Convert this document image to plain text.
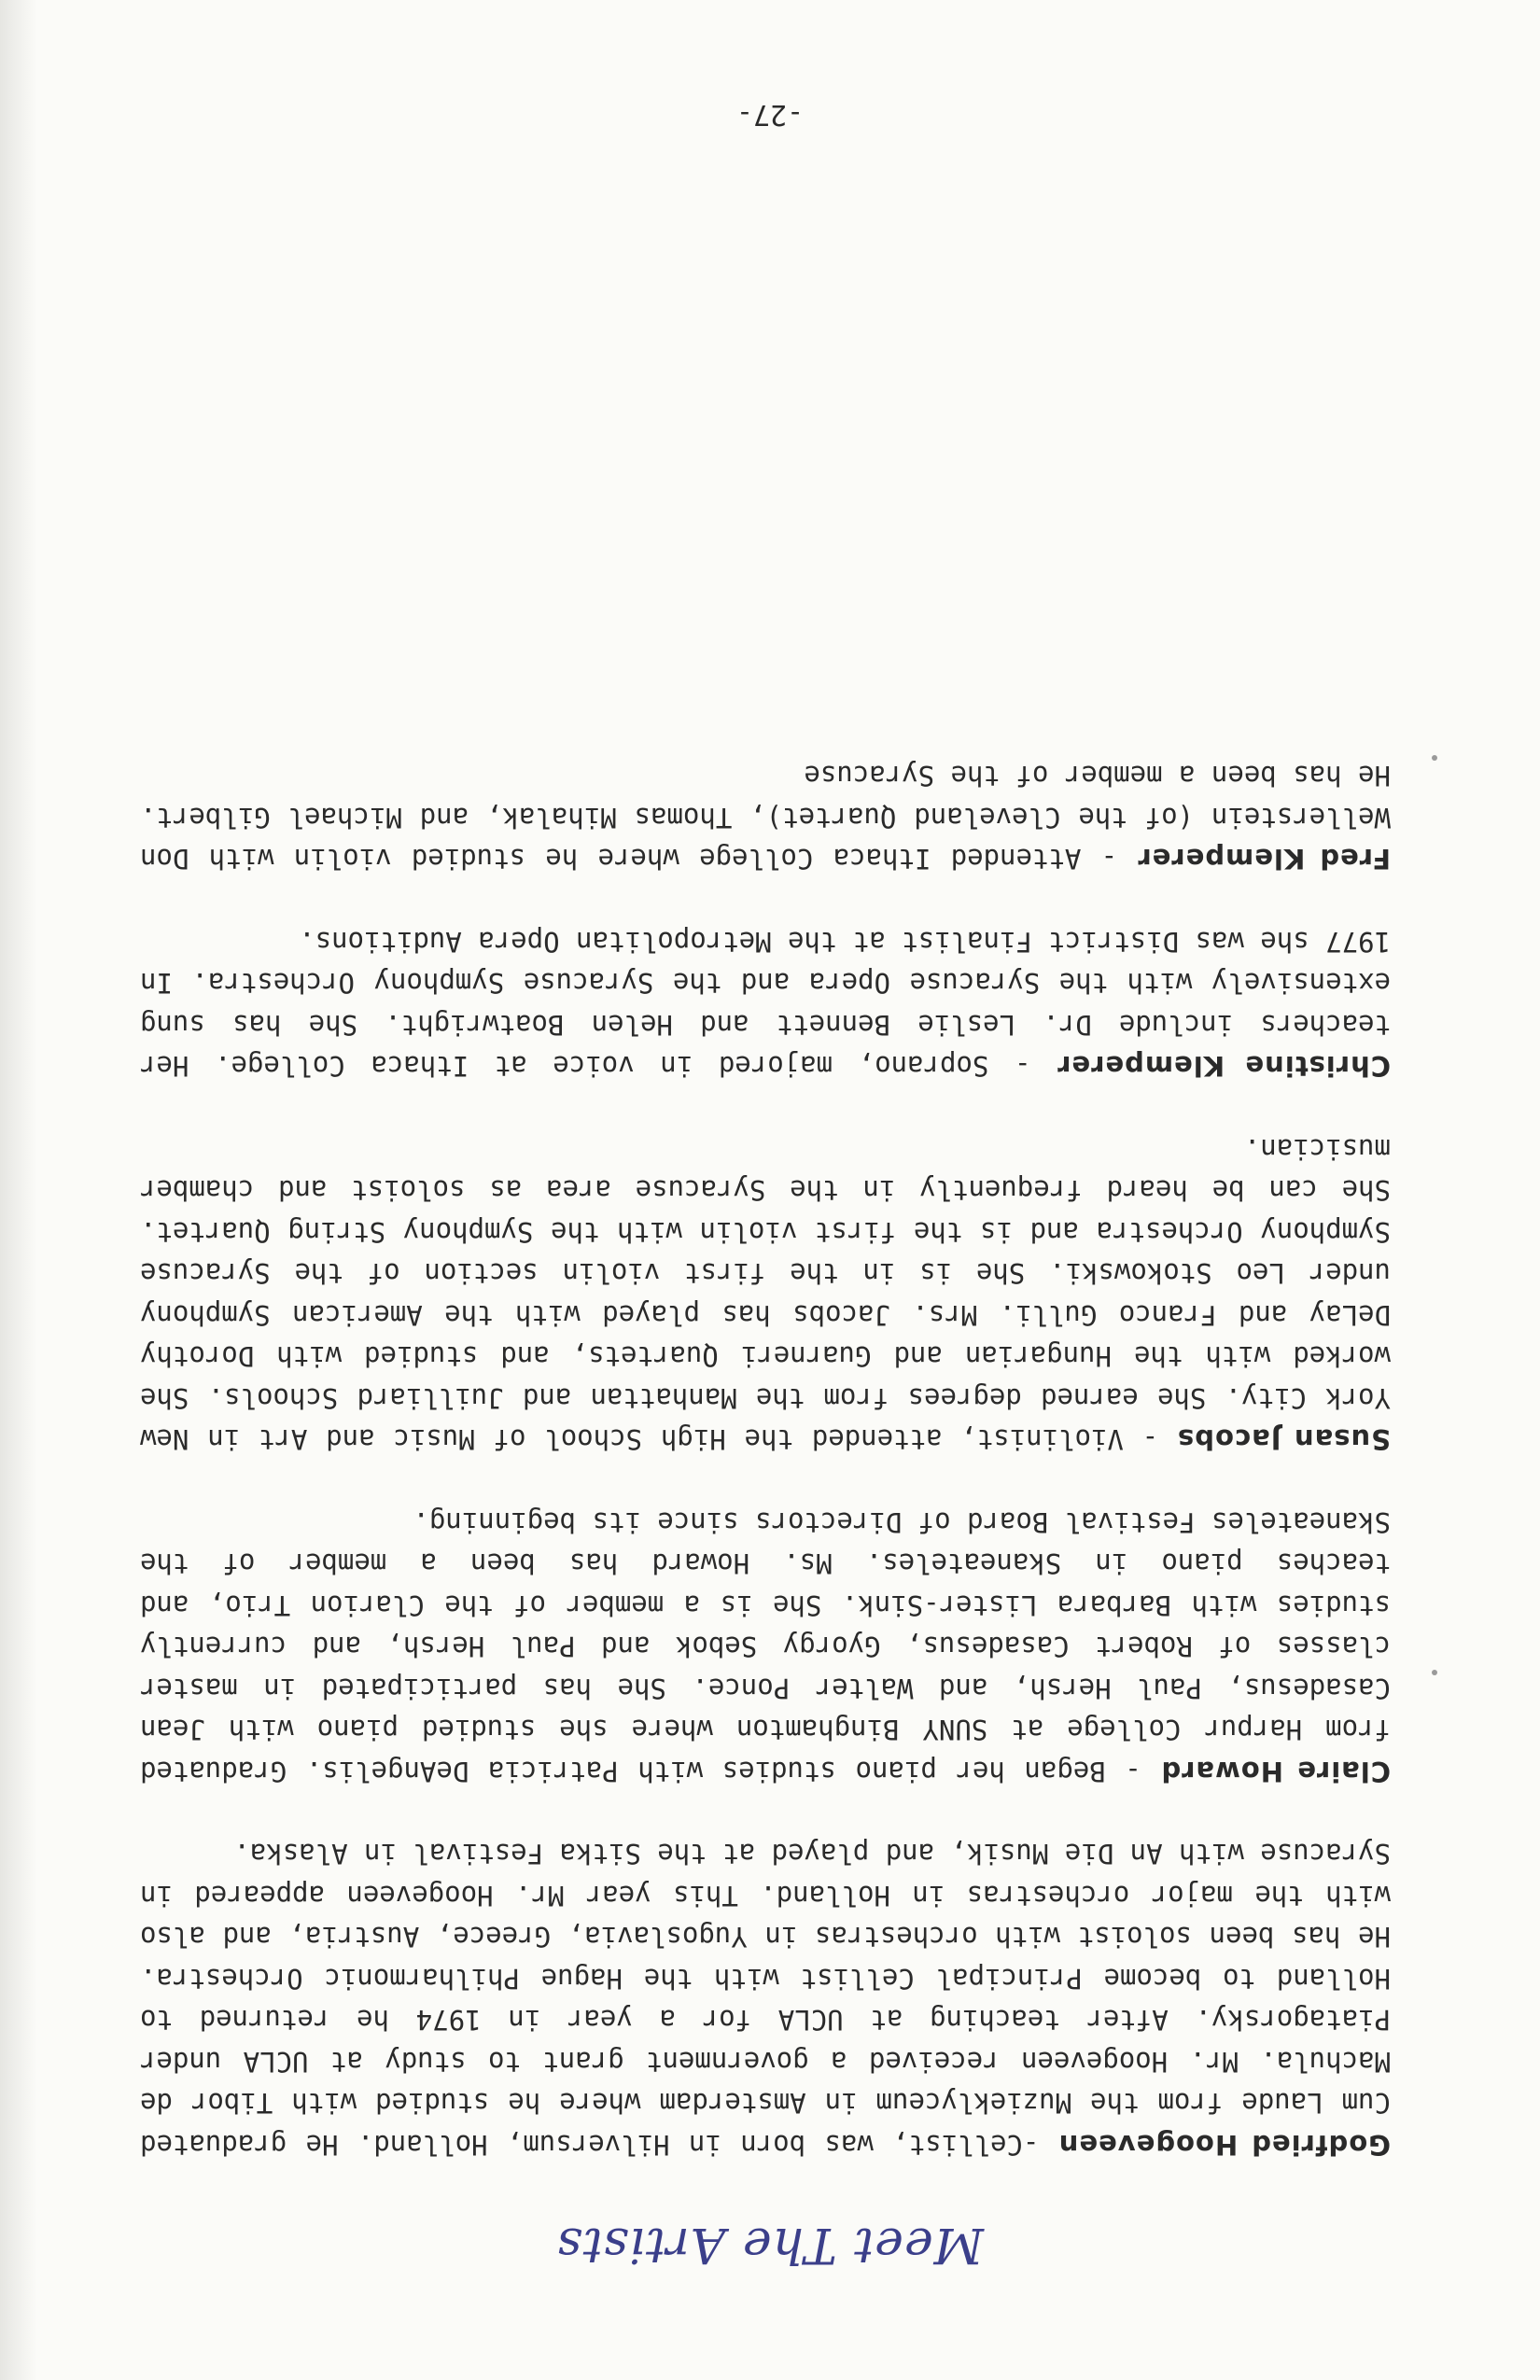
Meet The Artists

Godfried Hoogeveen -Cellist, was born in Hilversum, Holland. He graduated Cum Laude from the Muzieklyceum in Amsterdam where he studied with Tibor de Machula. Mr. Hoogeveen received a government grant to study at UCLA under Piatagorsky. After teaching at UCLA for a year in 1974 he returned to Holland to become Principal Cellist with the Hague Philharmonic Orchestra. He has been soloist with orchestras in Yugoslavia, Greece, Austria, and also with the major orchestras in Holland. This year Mr. Hoogeveen appeared in Syracuse with An Die Musik, and played at the Sitka Festival in Alaska.

Claire Howard - Began her piano studies with Patricia DeAngelis. Graduated from Harpur College at SUNY Binghamton where she studied piano with Jean Casadesus, Paul Hersh, and Walter Ponce. She has participated in master classes of Robert Casadesus, Gyorgy Sebok and Paul Hersh, and currently studies with Barbara Lister-Sink. She is a member of the Clarion Trio, and teaches piano in Skaneateles. Ms. Howard has been a member of the Skaneateles Festival Board of Directors since its beginning.

Susan Jacobs - Violinist, attended the High School of Music and Art in New York City. She earned degrees from the Manhattan and Juilliard Schools. She worked with the Hungarian and Guarneri Quartets, and studied with Dorothy DeLay and Franco Gulli. Mrs. Jacobs has played with the American Symphony under Leo Stokowski. She is in the first violin section of the Syracuse Symphony Orchestra and is the first violin with the Symphony String Quartet. She can be heard frequently in the Syracuse area as soloist and chamber musician.

Christine Klemperer - Soprano, majored in voice at Ithaca College. Her teachers include Dr. Leslie Bennett and Helen Boatwright. She has sung extensively with the Syracuse Opera and the Syracuse Symphony Orchestra. In 1977 she was District Finalist at the Metropolitan Opera Auditions.

Fred Klemperer - Attended Ithaca College where he studied violin with Don Wellerstein (of the Cleveland Quartet), Thomas Mihalak, and Michael Gilbert. He has been a member of the Syracuse

-27-
